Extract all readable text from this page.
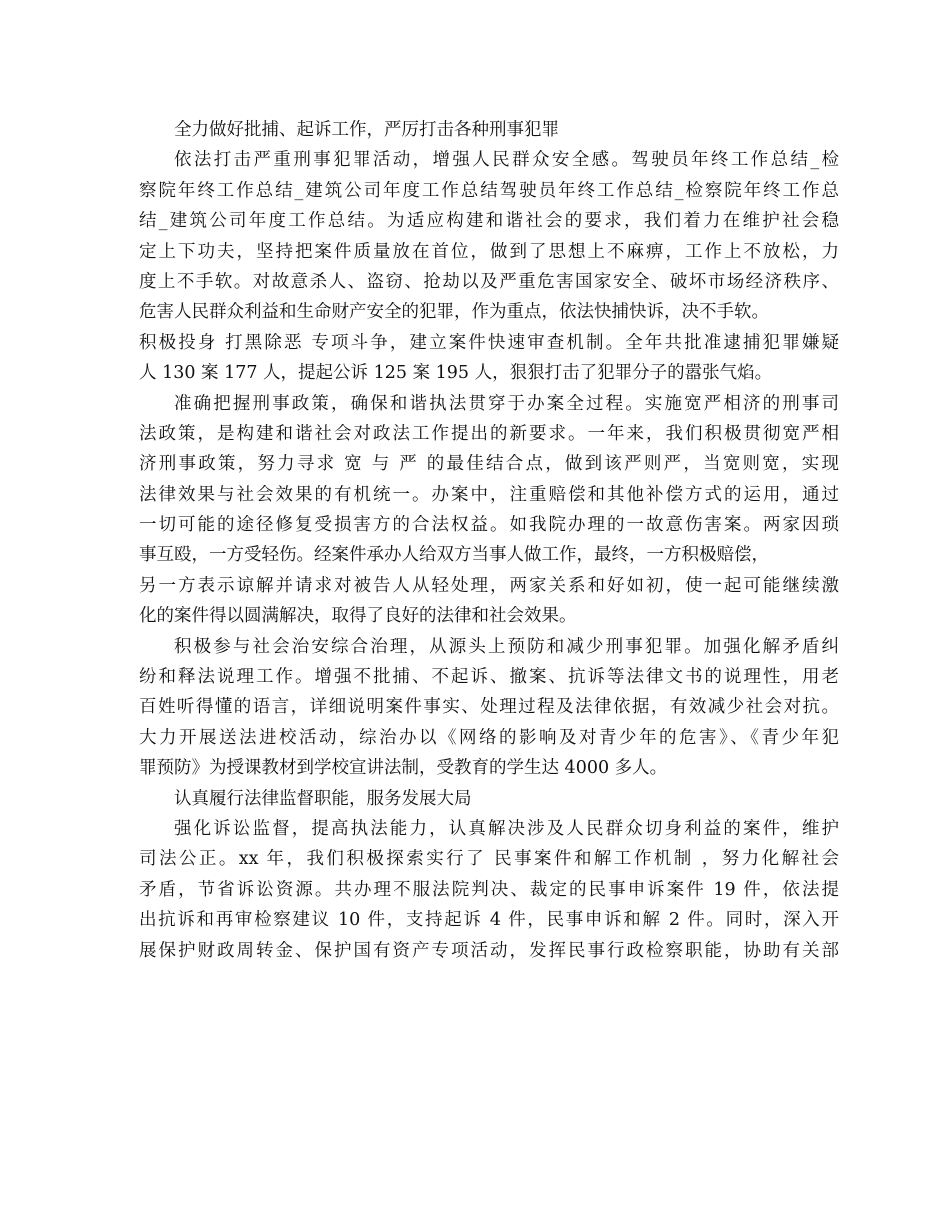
全力做好批捕、起诉工作，严厉打击各种刑事犯罪
依法打击严重刑事犯罪活动，增强人民群众安全感。驾驶员年终工作总结_检
察院年终工作总结_建筑公司年度工作总结驾驶员年终工作总结_检察院年终工作总
结_建筑公司年度工作总结。为适应构建和谐社会的要求，我们着力在维护社会稳
定上下功夫，坚持把案件质量放在首位，做到了思想上不麻痹，工作上不放松，力
度上不手软。对故意杀人、盗窃、抢劫以及严重危害国家安全、破坏市场经济秩序、
危害人民群众利益和生命财产安全的犯罪，作为重点，依法快捕快诉，决不手软。
积极投身 打黑除恶 专项斗争，建立案件快速审查机制。全年共批准逮捕犯罪嫌疑
人 130 案 177 人，提起公诉 125 案 195 人，狠狠打击了犯罪分子的嚣张气焰。
准确把握刑事政策，确保和谐执法贯穿于办案全过程。实施宽严相济的刑事司
法政策，是构建和谐社会对政法工作提出的新要求。一年来，我们积极贯彻宽严相
济刑事政策，努力寻求 宽 与 严 的最佳结合点，做到该严则严，当宽则宽，实现
法律效果与社会效果的有机统一。办案中，注重赔偿和其他补偿方式的运用，通过
一切可能的途径修复受损害方的合法权益。如我院办理的一故意伤害案。两家因琐
事互殴，一方受轻伤。经案件承办人给双方当事人做工作，最终，一方积极赔偿，
另一方表示谅解并请求对被告人从轻处理，两家关系和好如初，使一起可能继续激
化的案件得以圆满解决，取得了良好的法律和社会效果。
积极参与社会治安综合治理，从源头上预防和减少刑事犯罪。加强化解矛盾纠
纷和释法说理工作。增强不批捕、不起诉、撤案、抗诉等法律文书的说理性，用老
百姓听得懂的语言，详细说明案件事实、处理过程及法律依据，有效减少社会对抗。
大力开展送法进校活动，综治办以《网络的影响及对青少年的危害》、《青少年犯
罪预防》为授课教材到学校宣讲法制，受教育的学生达 4000 多人。
认真履行法律监督职能，服务发展大局
强化诉讼监督，提高执法能力，认真解决涉及人民群众切身利益的案件，维护
司法公正。xx 年，我们积极探索实行了 民事案件和解工作机制 ，努力化解社会
矛盾，节省诉讼资源。共办理不服法院判决、裁定的民事申诉案件 19 件，依法提
出抗诉和再审检察建议 10 件，支持起诉 4 件，民事申诉和解 2 件。同时，深入开
展保护财政周转金、保护国有资产专项活动，发挥民事行政检察职能，协助有关部
